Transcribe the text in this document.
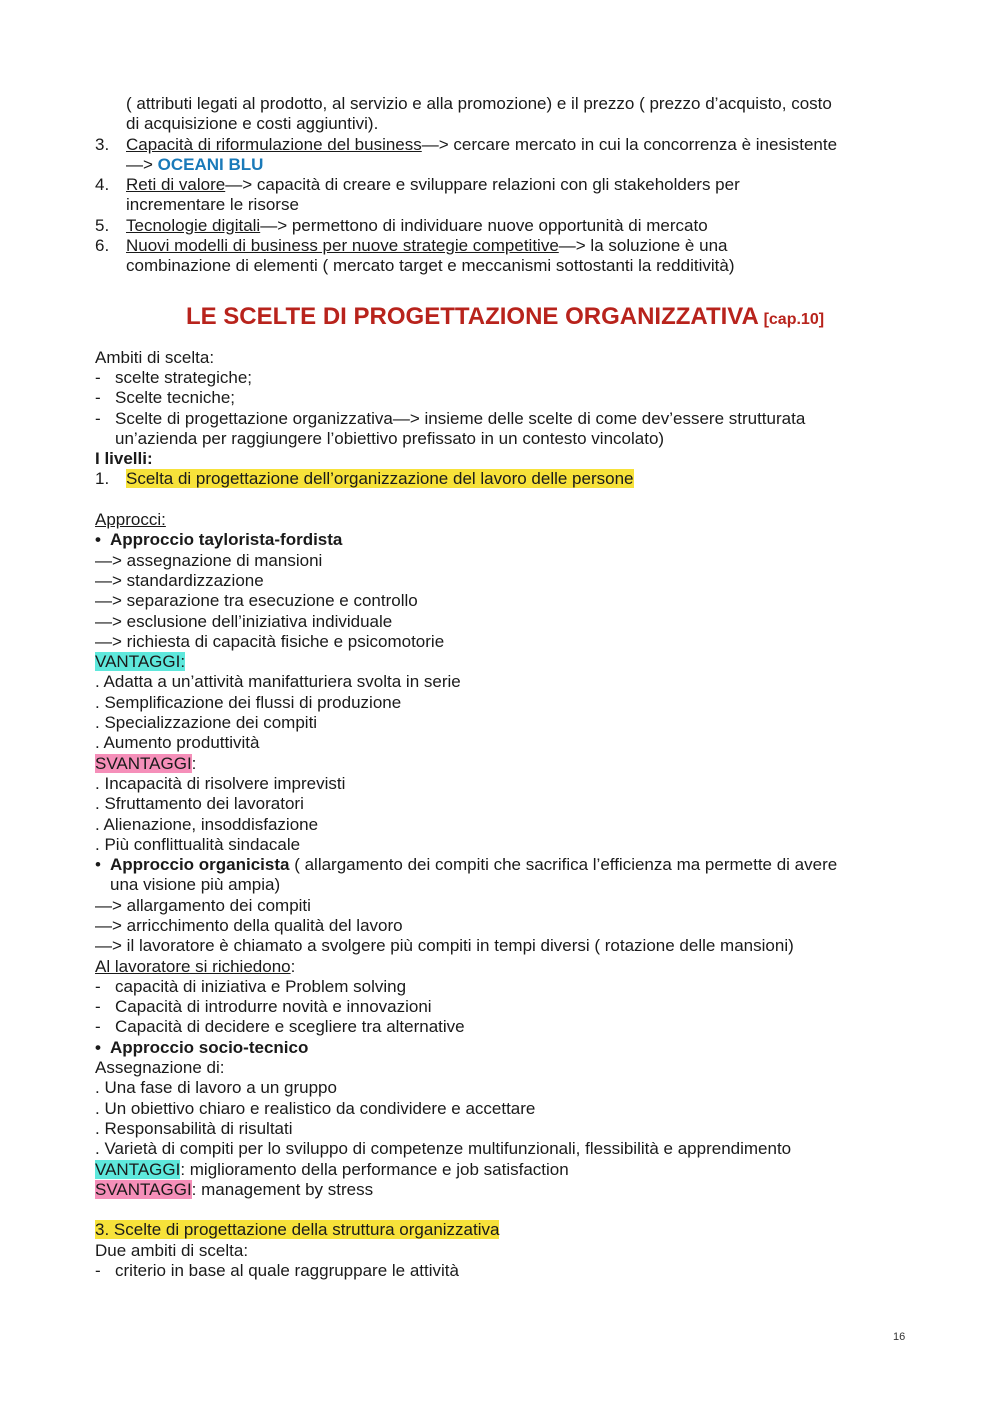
( attributi legati al prodotto, al servizio e alla promozione) e il prezzo ( prezzo d’acquisto, costo
di acquisizione e costi aggiuntivi).
3. Capacità di riformulazione del business—> cercare mercato in cui la concorrenza è inesistente
—> OCEANI BLU
4. Reti di valore—> capacità di creare e sviluppare relazioni con gli stakeholders per
incrementare le risorse
5. Tecnologie digitali—> permettono di individuare nuove opportunità di mercato
6. Nuovi modelli di business per nuove strategie competitive—> la soluzione è una
combinazione di elementi ( mercato target e meccanismi sottostanti la redditività)
LE SCELTE DI PROGETTAZIONE ORGANIZZATIVA [cap.10]
Ambiti di scelta:
- scelte strategiche;
- Scelte tecniche;
- Scelte di progettazione organizzativa—> insieme delle scelte di come dev’essere strutturata
un’azienda per raggiungere l’obiettivo prefissato in un contesto vincolato)
I livelli:
1. Scelta di progettazione dell’organizzazione del lavoro delle persone
Approcci:
• Approccio taylorista-fordista
—> assegnazione di mansioni
—> standardizzazione
—> separazione tra esecuzione e controllo
—> esclusione dell’iniziativa individuale
—> richiesta di capacità fisiche e psicomotorie
VANTAGGI:
. Adatta a un’attività manifatturiera svolta in serie
. Semplificazione dei flussi di produzione
. Specializzazione dei compiti
. Aumento produttività
SVANTAGGI:
. Incapacità di risolvere imprevisti
. Sfruttamento dei lavoratori
. Alienazione, insoddisfazione
. Più conflittualità sindacale
• Approccio organicista ( allargamento dei compiti che sacrifica l’efficienza ma permette di avere
una visione più ampia)
—> allargamento dei compiti
—> arricchimento della qualità del lavoro
—> il lavoratore è chiamato a svolgere più compiti in tempi diversi ( rotazione delle mansioni)
Al lavoratore si richiedono:
- capacità di iniziativa e Problem solving
- Capacità di introdurre novità e innovazioni
- Capacità di decidere e scegliere tra alternative
• Approccio socio-tecnico
Assegnazione di:
. Una fase di lavoro a un gruppo
. Un obiettivo chiaro e realistico da condividere e accettare
. Responsabilità di risultati
. Varietà di compiti per lo sviluppo di competenze multifunzionali, flessibilità e apprendimento
VANTAGGI: miglioramento della performance e job satisfaction
SVANTAGGI: management by stress
3. Scelte di progettazione della struttura organizzativa
Due ambiti di scelta:
- criterio in base al quale raggruppare le attività
16
